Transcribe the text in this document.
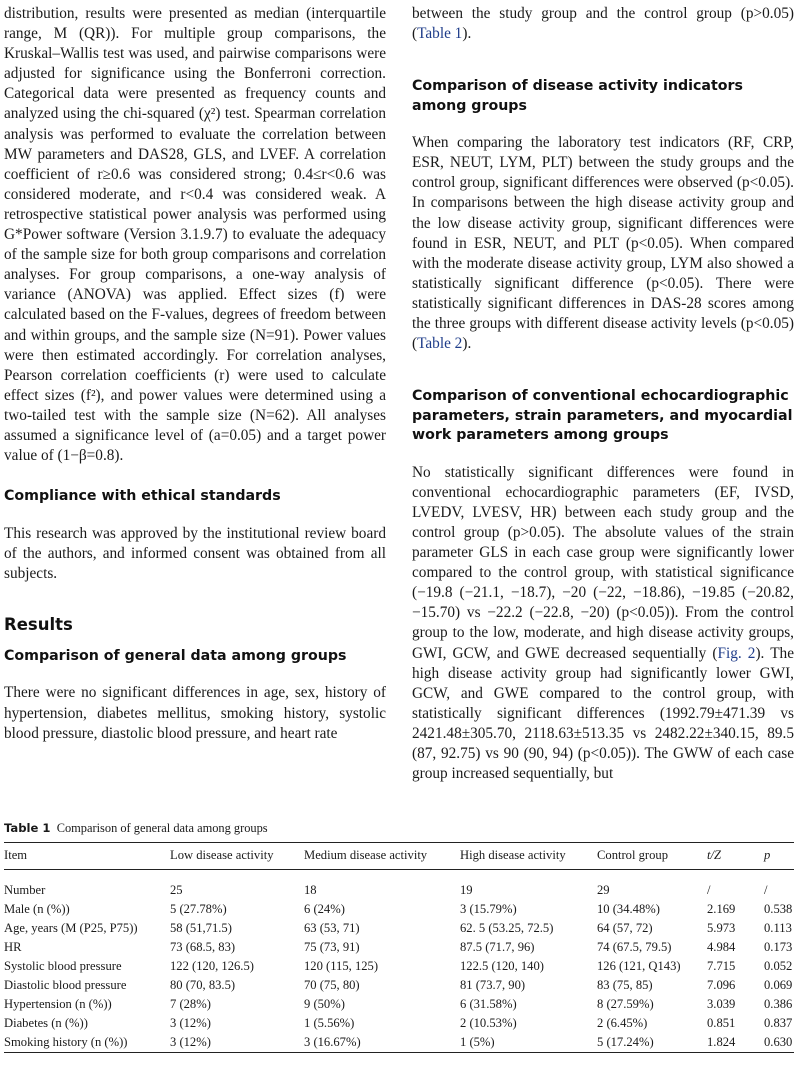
distribution, results were presented as median (interquartile range, M (QR)). For multiple group comparisons, the Kruskal–Wallis test was used, and pairwise comparisons were adjusted for significance using the Bonferroni correction. Categorical data were presented as frequency counts and analyzed using the chi-squared (χ²) test. Spearman correlation analysis was performed to evaluate the correlation between MW parameters and DAS28, GLS, and LVEF. A correlation coefficient of r≥0.6 was considered strong; 0.4≤r<0.6 was considered moderate, and r<0.4 was considered weak. A retrospective statistical power analysis was performed using G*Power software (Version 3.1.9.7) to evaluate the adequacy of the sample size for both group comparisons and correlation analyses. For group comparisons, a one-way analysis of variance (ANOVA) was applied. Effect sizes (f) were calculated based on the F-values, degrees of freedom between and within groups, and the sample size (N=91). Power values were then estimated accordingly. For correlation analyses, Pearson correlation coefficients (r) were used to calculate effect sizes (f²), and power values were determined using a two-tailed test with the sample size (N=62). All analyses assumed a significance level of (a=0.05) and a target power value of (1−β=0.8).

Compliance with ethical standards

This research was approved by the institutional review board of the authors, and informed consent was obtained from all subjects.

Results
Comparison of general data among groups

There were no significant differences in age, sex, history of hypertension, diabetes mellitus, smoking history, systolic blood pressure, diastolic blood pressure, and heart rate

between the study group and the control group (p>0.05) (Table 1).

Comparison of disease activity indicators among groups

When comparing the laboratory test indicators (RF, CRP, ESR, NEUT, LYM, PLT) between the study groups and the control group, significant differences were observed (p<0.05). In comparisons between the high disease activity group and the low disease activity group, significant differences were found in ESR, NEUT, and PLT (p<0.05). When compared with the moderate disease activity group, LYM also showed a statistically significant difference (p<0.05). There were statistically significant differences in DAS-28 scores among the three groups with different disease activity levels (p<0.05) (Table 2).

Comparison of conventional echocardiographic parameters, strain parameters, and myocardial work parameters among groups

No statistically significant differences were found in conventional echocardiographic parameters (EF, IVSD, LVEDV, LVESV, HR) between each study group and the control group (p>0.05). The absolute values of the strain parameter GLS in each case group were significantly lower compared to the control group, with statistical significance (−19.8 (−21.1, −18.7), −20 (−22, −18.86), −19.85 (−20.82, −15.70) vs −22.2 (−22.8, −20) (p<0.05)). From the control group to the low, moderate, and high disease activity groups, GWI, GCW, and GWE decreased sequentially (Fig. 2). The high disease activity group had significantly lower GWI, GCW, and GWE compared to the control group, with statistically significant differences (1992.79±471.39 vs 2421.48±305.70, 2118.63±513.35 vs 2482.22±340.15, 89.5 (87, 92.75) vs 90 (90, 94) (p<0.05)). The GWW of each case group increased sequentially, but

Table 1 Comparison of general data among groups

Item	Low disease activity	Medium disease activity	High disease activity	Control group	t/Z	p
Number	25	18	19	29	/	/
Male (n (%))	5 (27.78%)	6 (24%)	3 (15.79%)	10 (34.48%)	2.169	0.538
Age, years (M (P25, P75))	58 (51,71.5)	63 (53, 71)	62. 5 (53.25, 72.5)	64 (57, 72)	5.973	0.113
HR	73 (68.5, 83)	75 (73, 91)	87.5 (71.7, 96)	74 (67.5, 79.5)	4.984	0.173
Systolic blood pressure	122 (120, 126.5)	120 (115, 125)	122.5 (120, 140)	126 (121, Q143)	7.715	0.052
Diastolic blood pressure	80 (70, 83.5)	70 (75, 80)	81 (73.7, 90)	83 (75, 85)	7.096	0.069
Hypertension (n (%))	7 (28%)	9 (50%)	6 (31.58%)	8 (27.59%)	3.039	0.386
Diabetes (n (%))	3 (12%)	1 (5.56%)	2 (10.53%)	2 (6.45%)	0.851	0.837
Smoking history (n (%))	3 (12%)	3 (16.67%)	1 (5%)	5 (17.24%)	1.824	0.630
